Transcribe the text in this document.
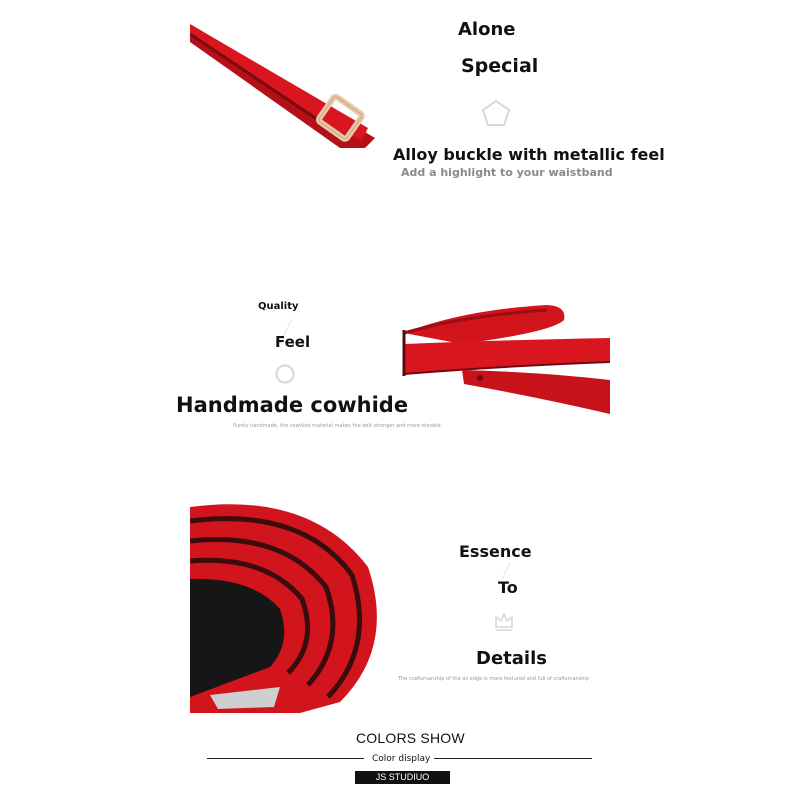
Alone
Special
Alloy buckle with metallic feel
Add a highlight to your waistband
Quality
Feel
Handmade cowhide
Purely handmade, the cowhide material makes the belt stronger and more durable
Essence
To
Details
The craftsmanship of the oil edge is more textured and full of craftsmanship
COLORS SHOW
Color display
JS STUDIUO
